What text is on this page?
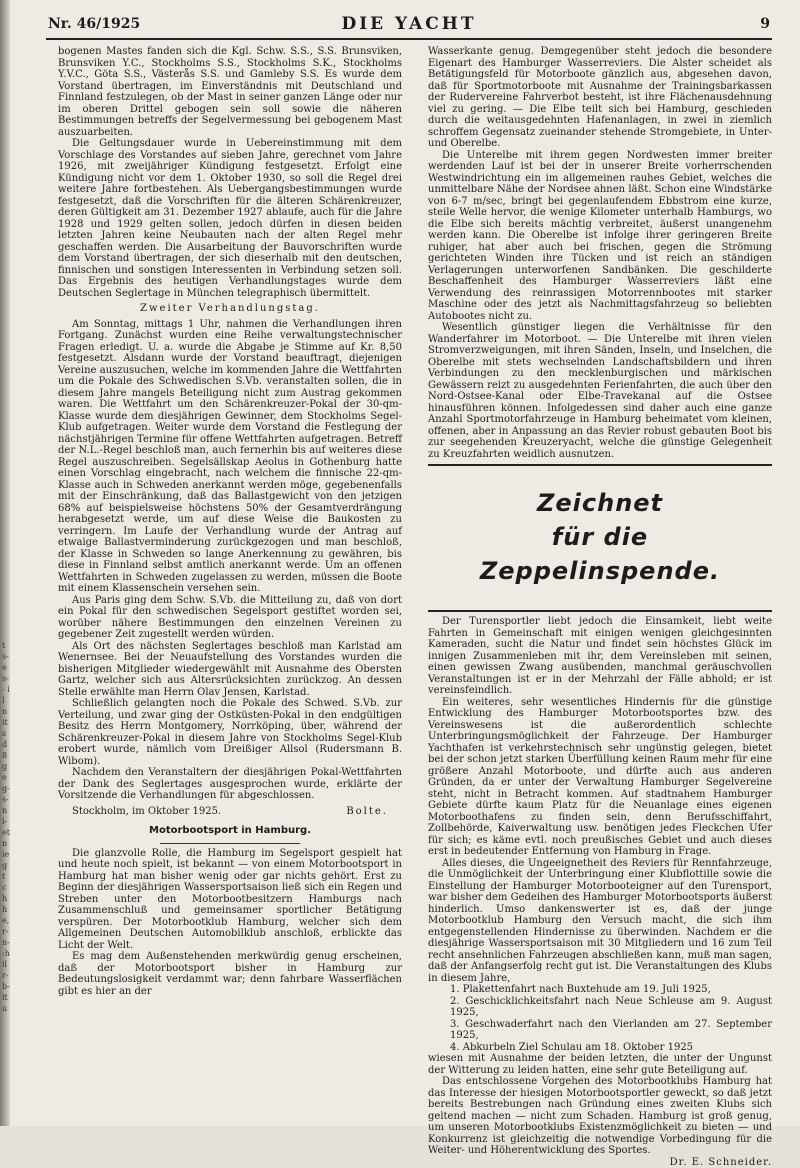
t s- e s- - il n it s d 8 ge g- s- n i- et n ie gt ch h e, r- n- :h il r- b- it u
Nr. 46/1925	DIE YACHT	9

bogenen Mastes fanden sich die Kgl. Schw. S.S., S.S. Brunsviken, Brunsviken Y.C., Stockholms S.S., Stockholms S.K., Stockholms Y.V.C., Göta S.S., Västerås S.S. und Gamleby S.S. Es wurde dem Vorstand übertragen, im Einverständnis mit Deutschland und Finnland festzulegen, ob der Mast in seiner ganzen Länge oder nur im oberen Drittel gebogen sein soll sowie die näheren Bestimmungen betreffs der Segelvermessung bei gebogenem Mast auszuarbeiten.

Die Geltungsdauer wurde in Uebereinstimmung mit dem Vorschlage des Vorstandes auf sieben Jahre, gerechnet vom Jahre 1926, mit zweijähriger Kündigung festgesetzt. Erfolgt eine Kündigung nicht vor dem 1. Oktober 1930, so soll die Regel drei weitere Jahre fortbestehen. Als Uebergangsbestimmungen wurde festgesetzt, daß die Vorschriften für die älteren Schärenkreuzer, deren Gültigkeit am 31. Dezember 1927 ablaufe, auch für die Jahre 1928 und 1929 gelten sollen, jedoch dürfen in diesen beiden letzten Jahren keine Neubauten nach der alten Regel mehr geschaffen werden. Die Ausarbeitung der Bauvorschriften wurde dem Vorstand übertragen, der sich dieserhalb mit den deutschen, finnischen und sonstigen Interessenten in Verbindung setzen soll. Das Ergebnis des heutigen Verhandlungstages wurde dem Deutschen Seglertage in München telegraphisch übermittelt.

Zweiter Verhandlungstag.

Am Sonntag, mittags 1 Uhr, nahmen die Verhandlungen ihren Fortgang. Zunächst wurden eine Reihe verwaltungstechnischer Fragen erledigt. U. a. wurde die Abgabe je Stimme auf Kr. 8,50 festgesetzt. Alsdann wurde der Vorstand beauftragt, diejenigen Vereine auszusuchen, welche im kommenden Jahre die Wettfahrten um die Pokale des Schwedischen S.Vb. veranstalten sollen, die in diesem Jahre mangels Beteiligung nicht zum Austrag gekommen waren. Die Wettfahrt um den Schärenkreuzer-Pokal der 30-qm-Klasse wurde dem diesjährigen Gewinner, dem Stockholms Segel-Klub aufgetragen. Weiter wurde dem Vorstand die Festlegung der nächstjährigen Termine für offene Wettfahrten aufgetragen. Betreff der N.L.-Regel beschloß man, auch fernerhin bis auf weiteres diese Regel auszuschreiben. Segelsällskap Aeolus in Gothenburg hatte einen Vorschlag eingebracht, nach welchem die finnische 22-qm-Klasse auch in Schweden anerkannt werden möge, gegebenenfalls mit der Einschränkung, daß das Ballastgewicht von den jetzigen 68% auf beispielsweise höchstens 50% der Gesamtverdrängung herabgesetzt werde, um auf diese Weise die Baukosten zu verringern. Im Laufe der Verhandlung wurde der Antrag auf etwaige Ballastverminderung zurückgezogen und man beschloß, der Klasse in Schweden so lange Anerkennung zu gewähren, bis diese in Finnland selbst amtlich anerkannt werde. Um an offenen Wettfahrten in Schweden zugelassen zu werden, müssen die Boote mit einem Klassenschein versehen sein.

Aus Paris ging dem Schw. S.Vb. die Mitteilung zu, daß von dort ein Pokal für den schwedischen Segelsport gestiftet worden sei, worüber nähere Bestimmungen den einzelnen Vereinen zu gegebener Zeit zugestellt werden würden.

Als Ort des nächsten Seglertages beschloß man Karlstad am Wenernsee. Bei der Neuaufstellung des Vorstandes wurden die bisherigen Mitglieder wiedergewählt mit Ausnahme des Obersten Gartz, welcher sich aus Altersrücksichten zurückzog. An dessen Stelle erwählte man Herrn Olav Jensen, Karlstad.

Schließlich gelangten noch die Pokale des Schwed. S.Vb. zur Verteilung, und zwar ging der Ostküsten-Pokal in den endgültigen Besitz des Herrn Montgomery, Norrköping, über, während der Schärenkreuzer-Pokal in diesem Jahre von Stockholms Segel-Klub erobert wurde, nämlich vom Dreißiger Allsol (Rudersmann B. Wibom).

Nachdem den Veranstaltern der diesjährigen Pokal-Wettfahrten der Dank des Seglertages ausgesprochen wurde, erklärte der Vorsitzende die Verhandlungen für abgeschlossen.

Stockholm, im Oktober 1925.	Bolte.
Motorbootsport in Hamburg.

Die glanzvolle Rolle, die Hamburg im Segelsport gespielt hat und heute noch spielt, ist bekannt — von einem Motorbootsport in Hamburg hat man bisher wenig oder gar nichts gehört. Erst zu Beginn der diesjährigen Wassersportsaison ließ sich ein Regen und Streben unter den Motorbootbesitzern Hamburgs nach Zusammenschluß und gemeinsamer sportlicher Betätigung verspüren. Der Motorbootklub Hamburg, welcher sich dem Allgemeinen Deutschen Automobilklub anschloß, erblickte das Licht der Welt.

Es mag dem Außenstehenden merkwürdig genug erscheinen, daß der Motorbootsport bisher in Hamburg zur Bedeutungslosigkeit verdammt war; denn fahrbare Wasserflächen gibt es hier an der

Wasserkante genug. Demgegenüber steht jedoch die besondere Eigenart des Hamburger Wasserreviers. Die Alster scheidet als Betätigungsfeld für Motorboote gänzlich aus, abgesehen davon, daß für Sportmotorboote mit Ausnahme der Trainingsbarkassen der Rudervereine Fahrverbot besteht, ist ihre Flächenausdehnung viel zu gering. — Die Elbe teilt sich bei Hamburg, geschieden durch die weitausgedehnten Hafenanlagen, in zwei in ziemlich schroffem Gegensatz zueinander stehende Stromgebiete, in Unter- und Oberelbe.

Die Unterelbe mit ihrem gegen Nordwesten immer breiter werdenden Lauf ist bei der in unserer Breite vorherrschenden Westwindrichtung ein im allgemeinen rauhes Gebiet, welches die unmittelbare Nähe der Nordsee ahnen läßt. Schon eine Windstärke von 6-7 m/sec, bringt bei gegenlaufendem Ebbstrom eine kurze, steile Welle hervor, die wenige Kilometer unterhalb Hamburgs, wo die Elbe sich bereits mächtig verbreitet, äußerst unangenehm werden kann. Die Oberelbe ist infolge ihrer geringeren Breite ruhiger, hat aber auch bei frischen, gegen die Strömung gerichteten Winden ihre Tücken und ist reich an ständigen Verlagerungen unterworfenen Sandbänken. Die geschilderte Beschaffenheit des Hamburger Wasserreviers läßt eine Verwendung des reinrassigen Motorrennbootes mit starker Maschine oder des jetzt als Nachmittagsfahrzeug so beliebten Autobootes nicht zu.

Wesentlich günstiger liegen die Verhältnisse für den Wanderfahrer im Motorboot. — Die Unterelbe mit ihren vielen Stromverzweigungen, mit ihren Sänden, Inseln, und Inselchen, die Oberelbe mit stets wechselnden Landschaftsbildern und ihren Verbindungen zu den mecklenburgischen und märkischen Gewässern reizt zu ausgedehnten Ferienfahrten, die auch über den Nord-Ostsee-Kanal oder Elbe-Travekanal auf die Ostsee hinausführen können. Infolgedessen sind daher auch eine ganze Anzahl Sportmotorfahrzeuge in Hamburg beheimatet vom kleinen, offenen, aber in Anpassung an das Revier robust gebauten Boot bis zur seegehenden Kreuzeryacht, welche die günstige Gelegenheit zu Kreuzfahrten weidlich ausnutzen.

Zeichnet
für die Zeppelinspende.

Der Turensportler liebt jedoch die Einsamkeit, liebt weite Fahrten in Gemeinschaft mit einigen wenigen gleichgesinnten Kameraden, sucht die Natur und findet sein höchstes Glück im innigen Zusammenleben mit ihr, dem Vereinsleben mit seinen, einen gewissen Zwang ausübenden, manchmal geräuschvollen Veranstaltungen ist er in der Mehrzahl der Fälle abhold; er ist vereinsfeindlich.

Ein weiteres, sehr wesentliches Hindernis für die günstige Entwicklung des Hamburger Motorbootsportes bzw. des Vereinswesens ist die außerordentlich schlechte Unterbringungsmöglichkeit der Fahrzeuge. Der Hamburger Yachthafen ist verkehrstechnisch sehr ungünstig gelegen, bietet bei der schon jetzt starken Überfüllung keinen Raum mehr für eine größere Anzahl Motorboote, und dürfte auch aus anderen Gründen, da er unter der Verwaltung Hamburger Segelvereine steht, nicht in Betracht kommen. Auf stadtnahem Hamburger Gebiete dürfte kaum Platz für die Neuanlage eines eigenen Motorboothafens zu finden sein, denn Berufsschiffahrt, Zollbehörde, Kaiverwaltung usw. benötigen jedes Fleckchen Ufer für sich; es käme evtl. noch preußisches Gebiet und auch dieses erst in bedeutender Entfernung von Hamburg in Frage.

Alles dieses, die Ungeeignetheit des Reviers für Rennfahrzeuge, die Unmöglichkeit der Unterbringung einer Klubflottille sowie die Einstellung der Hamburger Motorbooteigner auf den Turensport, war bisher dem Gedeihen des Hamburger Motorbootsports äußerst hinderlich. Umso dankenswerter ist es, daß der junge Motorbootklub Hamburg den Versuch macht, die sich ihm entgegenstellenden Hindernisse zu überwinden. Nachdem er die diesjährige Wassersportsaison mit 30 Mitgliedern und 16 zum Teil recht ansehnlichen Fahrzeugen abschließen kann, muß man sagen, daß der Anfangserfolg recht gut ist. Die Veranstaltungen des Klubs in diesem Jahre,

1. Plakettenfahrt nach Buxtehude am 19. Juli 1925,
2. Geschicklichkeitsfahrt nach Neue Schleuse am 9. August 1925,
3. Geschwaderfahrt nach den Vierlanden am 27. September 1925,
4. Abkurbeln Ziel Schulau am 18. Oktober 1925

wiesen mit Ausnahme der beiden letzten, die unter der Ungunst der Witterung zu leiden hatten, eine sehr gute Beteiligung auf.

Das entschlossene Vorgehen des Motorbootklubs Hamburg hat das Interesse der hiesigen Motorbootsportler geweckt, so daß jetzt bereits Bestrebungen nach Gründung eines zweiten Klubs sich geltend machen — nicht zum Schaden. Hamburg ist groß genug, um unseren Motorbootklubs Existenzmöglichkeit zu bieten — und Konkurrenz ist gleichzeitig die notwendige Vorbedingung für die Weiter- und Höherentwicklung des Sportes.

Dr. E. Schneider.
